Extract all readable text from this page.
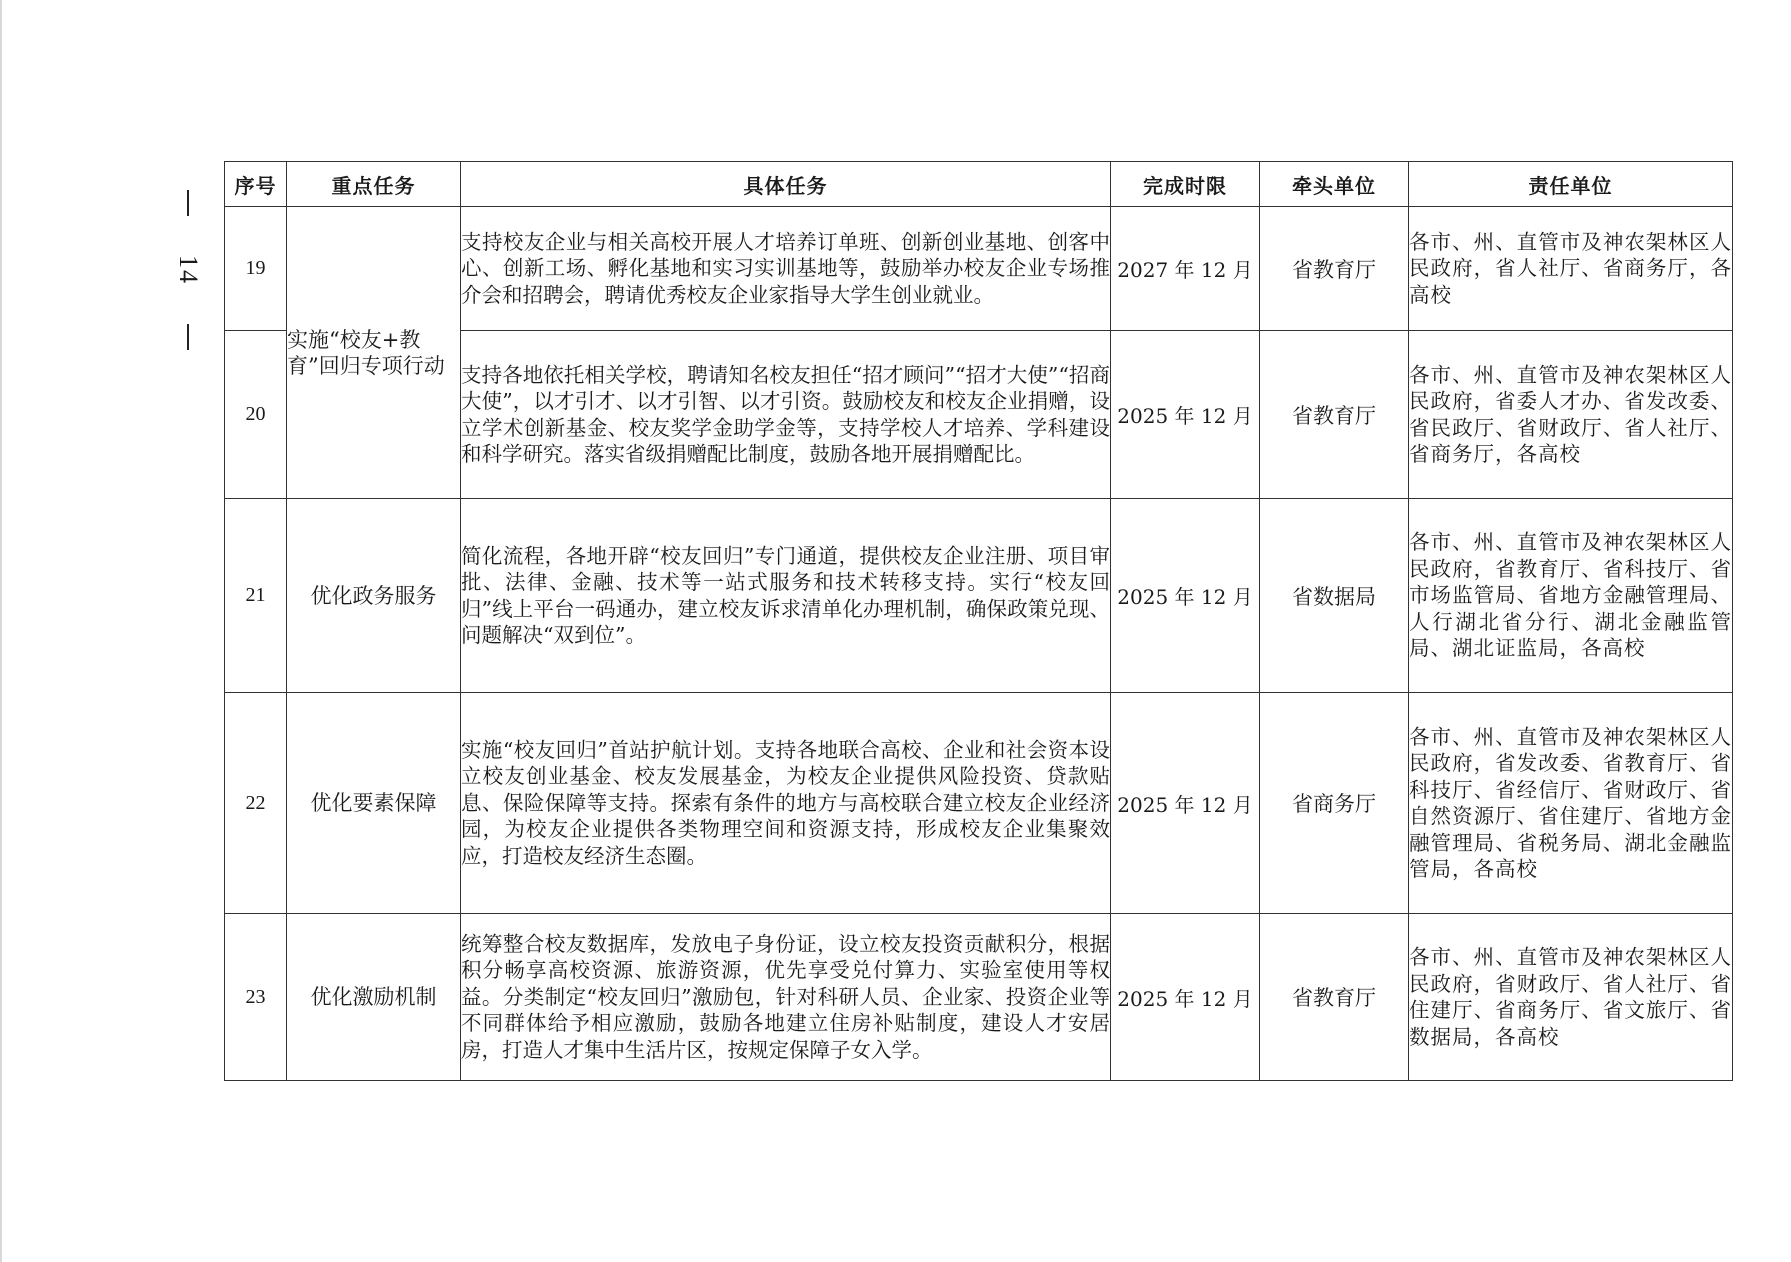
14
序号	重点任务	具体任务	完成时限	牵头单位	责任单位
19	实施“校友+教育”回归专项行动	支持校友企业与相关高校开展人才培养订单班、创新创业基地、创客中心、创新工场、孵化基地和实习实训基地等，鼓励举办校友企业专场推介会和招聘会，聘请优秀校友企业家指导大学生创业就业。	2027 年 12 月	省教育厅	各市、州、直管市及神农架林区人民政府，省人社厅、省商务厅，各高校
20		支持各地依托相关学校，聘请知名校友担任“招才顾问”“招才大使”“招商大使”，以才引才、以才引智、以才引资。鼓励校友和校友企业捐赠，设立学术创新基金、校友奖学金助学金等，支持学校人才培养、学科建设和科学研究。落实省级捐赠配比制度，鼓励各地开展捐赠配比。	2025 年 12 月	省教育厅	各市、州、直管市及神农架林区人民政府，省委人才办、省发改委、省民政厅、省财政厅、省人社厅、省商务厅，各高校
21	优化政务服务	简化流程，各地开辟“校友回归”专门通道，提供校友企业注册、项目审批、法律、金融、技术等一站式服务和技术转移支持。实行“校友回归”线上平台一码通办，建立校友诉求清单化办理机制，确保政策兑现、问题解决“双到位”。	2025 年 12 月	省数据局	各市、州、直管市及神农架林区人民政府，省教育厅、省科技厅、省市场监管局、省地方金融管理局、人行湖北省分行、湖北金融监管局、湖北证监局，各高校
22	优化要素保障	实施“校友回归”首站护航计划。支持各地联合高校、企业和社会资本设立校友创业基金、校友发展基金，为校友企业提供风险投资、贷款贴息、保险保障等支持。探索有条件的地方与高校联合建立校友企业经济园，为校友企业提供各类物理空间和资源支持，形成校友企业集聚效应，打造校友经济生态圈。	2025 年 12 月	省商务厅	各市、州、直管市及神农架林区人民政府，省发改委、省教育厅、省科技厅、省经信厅、省财政厅、省自然资源厅、省住建厅、省地方金融管理局、省税务局、湖北金融监管局，各高校
23	优化激励机制	统筹整合校友数据库，发放电子身份证，设立校友投资贡献积分，根据积分畅享高校资源、旅游资源，优先享受兑付算力、实验室使用等权益。分类制定“校友回归”激励包，针对科研人员、企业家、投资企业等不同群体给予相应激励，鼓励各地建立住房补贴制度，建设人才安居房，打造人才集中生活片区，按规定保障子女入学。	2025 年 12 月	省教育厅	各市、州、直管市及神农架林区人民政府，省财政厅、省人社厅、省住建厅、省商务厅、省文旅厅、省数据局，各高校
